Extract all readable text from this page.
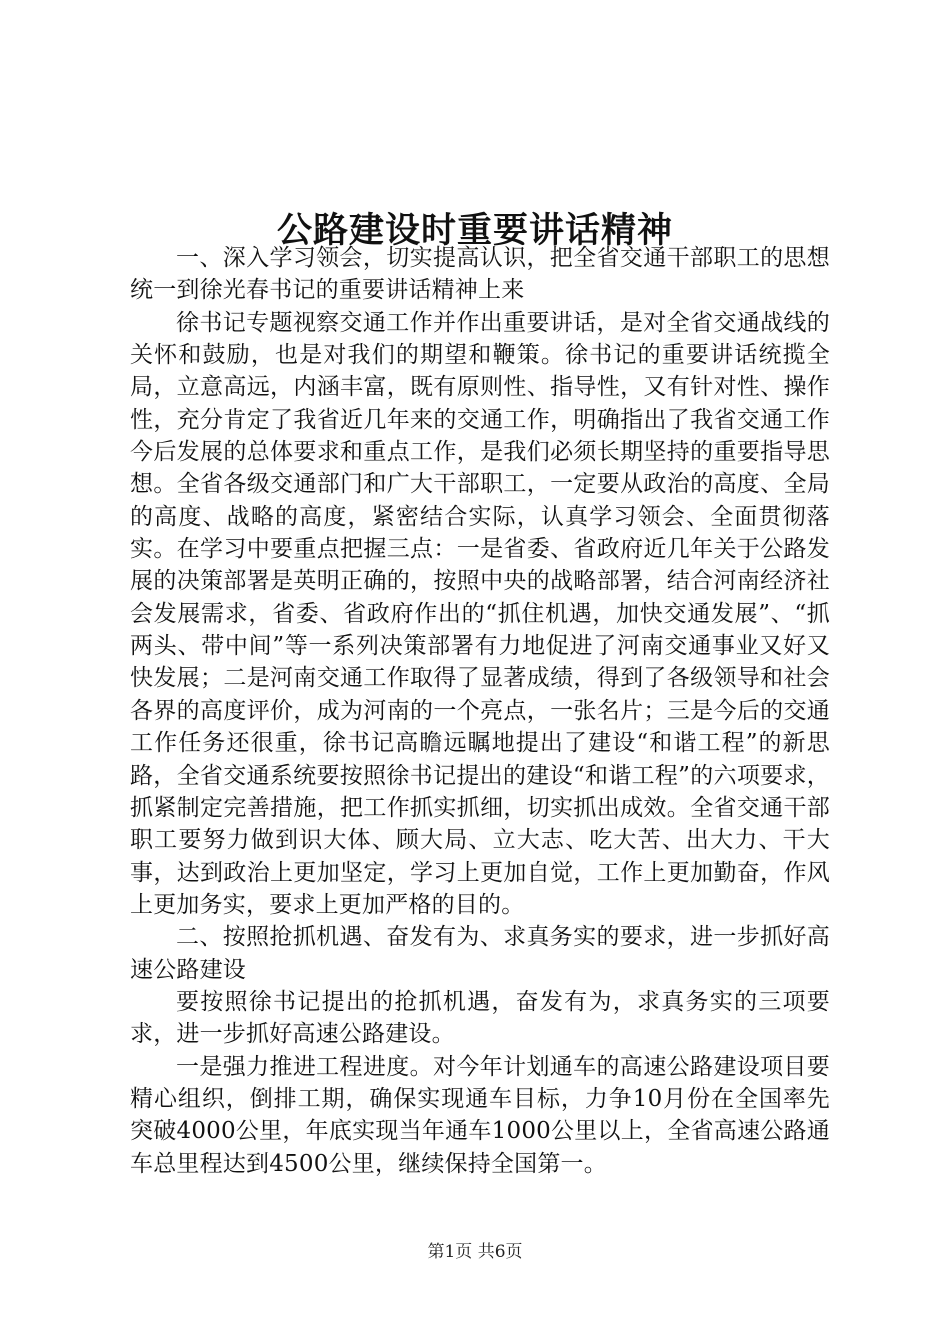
公路建设时重要讲话精神

一、深入学习领会，切实提高认识，把全省交通干部职工的思想统一到徐光春书记的重要讲话精神上来

徐书记专题视察交通工作并作出重要讲话，是对全省交通战线的关怀和鼓励，也是对我们的期望和鞭策。徐书记的重要讲话统揽全局，立意高远，内涵丰富，既有原则性、指导性，又有针对性、操作性，充分肯定了我省近几年来的交通工作，明确指出了我省交通工作今后发展的总体要求和重点工作，是我们必须长期坚持的重要指导思想。全省各级交通部门和广大干部职工，一定要从政治的高度、全局的高度、战略的高度，紧密结合实际，认真学习领会、全面贯彻落实。在学习中要重点把握三点：一是省委、省政府近几年关于公路发展的决策部署是英明正确的，按照中央的战略部署，结合河南经济社会发展需求，省委、省政府作出的“抓住机遇，加快交通发展”、“抓两头、带中间”等一系列决策部署有力地促进了河南交通事业又好又快发展；二是河南交通工作取得了显著成绩，得到了各级领导和社会各界的高度评价，成为河南的一个亮点，一张名片；三是今后的交通工作任务还很重，徐书记高瞻远瞩地提出了建设“和谐工程”的新思路，全省交通系统要按照徐书记提出的建设“和谐工程”的六项要求，抓紧制定完善措施，把工作抓实抓细，切实抓出成效。全省交通干部职工要努力做到识大体、顾大局、立大志、吃大苦、出大力、干大事，达到政治上更加坚定，学习上更加自觉，工作上更加勤奋，作风上更加务实，要求上更加严格的目的。

二、按照抢抓机遇、奋发有为、求真务实的要求，进一步抓好高速公路建设

要按照徐书记提出的抢抓机遇，奋发有为，求真务实的三项要求，进一步抓好高速公路建设。

一是强力推进工程进度。对今年计划通车的高速公路建设项目要精心组织，倒排工期，确保实现通车目标，力争10月份在全国率先突破4000公里，年底实现当年通车1000公里以上，全省高速公路通车总里程达到4500公里，继续保持全国第一。

第1页 共6页
